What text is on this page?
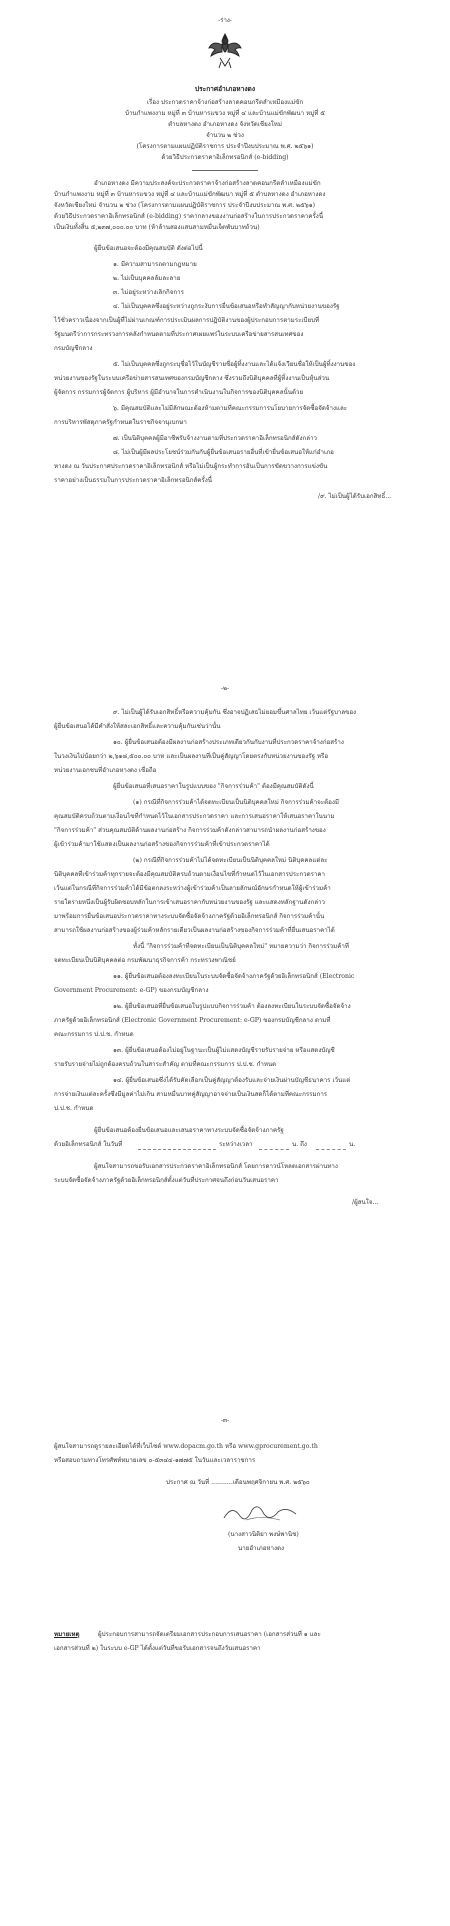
-ร่าง-
ประกาศอำเภอหางดง
เรื่อง ประกวดราคาจ้างก่อสร้างลาดคอนกรีตลำเหมืองแม่ขัก
บ้านกำแพงงาม หมู่ที่ ๓ บ้านหารแขวง หมู่ที่ ๔ และบ้านแม่ขักพัฒนา หมู่ที่ ๕
ตำบลหางดง อำเภอหางดง จังหวัดเชียงใหม่
จำนวน ๒ ช่วง
(โครงการตามแผนปฏิบัติราชการ ประจำปีงบประมาณ พ.ศ. ๒๕๖๑)
ด้วยวิธีประกวดราคาอิเล็กทรอนิกส์ (e-bidding)
อำเภอหางดง มีความประสงค์จะประกวดราคาจ้างก่อสร้างลาดคอนกรีตลำเหมืองแม่ขัก
บ้านกำแพงงาม หมู่ที่ ๓ บ้านหารแขวง หมู่ที่ ๔ และบ้านแม่ขักพัฒนา หมู่ที่ ๕ ตำบลหางดง อำเภอหางดง
จังหวัดเชียงใหม่ จำนวน ๒ ช่วง (โครงการตามแผนปฏิบัติราชการ ประจำปีงบประมาณ พ.ศ. ๒๕๖๑)
ด้วยวิธีประกวดราคาอิเล็กทรอนิกส์ (e-bidding) ราคากลางของงานก่อสร้างในการประกวดราคาครั้งนี้
เป็นเงินทั้งสิ้น ๕,๒๓๗,๐๐๐.๐๐ บาท (ห้าล้านสองแสนสามหมื่นเจ็ดพันบาทถ้วน)
ผู้ยื่นข้อเสนอจะต้องมีคุณสมบัติ ดังต่อไปนี้
๑. มีความสามารถตามกฎหมาย
๒. ไม่เป็นบุคคลล้มละลาย
๓. ไม่อยู่ระหว่างเลิกกิจการ
๔. ไม่เป็นบุคคลซึ่งอยู่ระหว่างถูกระงับการยื่นข้อเสนอหรือทำสัญญากับหน่วยงานของรัฐ
ไว้ชั่วคราวเนื่องจากเป็นผู้ที่ไม่ผ่านเกณฑ์การประเมินผลการปฏิบัติงานของผู้ประกอบการตามระเบียบที่
รัฐมนตรีว่าการกระทรวงการคลังกำหนดตามที่ประกาศเผยแพร่ในระบบเครือข่ายสารสนเทศของ
กรมบัญชีกลาง
๕. ไม่เป็นบุคคลซึ่งถูกระบุชื่อไว้ในบัญชีรายชื่อผู้ทิ้งงานและได้แจ้งเวียนชื่อให้เป็นผู้ทิ้งงานของ
หน่วยงานของรัฐในระบบเครือข่ายสารสนเทศของกรมบัญชีกลาง ซึ่งรวมถึงนิติบุคคลที่ผู้ทิ้งงานเป็นหุ้นส่วน
ผู้จัดการ กรรมการผู้จัดการ ผู้บริหาร ผู้มีอำนาจในการดำเนินงานในกิจการของนิติบุคคลนั้นด้วย
๖. มีคุณสมบัติและไม่มีลักษณะต้องห้ามตามที่คณะกรรมการนโยบายการจัดซื้อจัดจ้างและ
การบริหารพัสดุภาครัฐกำหนดในราชกิจจานุเบกษา
๗. เป็นนิติบุคคลผู้มีอาชีพรับจ้างงานตามที่ประกวดราคาอิเล็กทรอนิกส์ดังกล่าว
๘. ไม่เป็นผู้มีผลประโยชน์ร่วมกันกับผู้ยื่นข้อเสนอรายอื่นที่เข้ายื่นข้อเสนอให้แก่อำเภอ
หางดง ณ วันประกาศประกวดราคาอิเล็กทรอนิกส์ หรือไม่เป็นผู้กระทำการอันเป็นการขัดขวางการแข่งขัน
ราคาอย่างเป็นธรรมในการประกวดราคาอิเล็กทรอนิกส์ครั้งนี้
/๙. ไม่เป็นผู้ได้รับเอกสิทธิ์...
-๒-
๙. ไม่เป็นผู้ได้รับเอกสิทธิ์หรือความคุ้มกัน ซึ่งอาจปฏิเสธไม่ยอมขึ้นศาลไทย เว้นแต่รัฐบาลของ
ผู้ยื่นข้อเสนอได้มีคำสั่งให้สละเอกสิทธิ์และความคุ้มกันเช่นว่านั้น
๑๐. ผู้ยื่นข้อเสนอต้องมีผลงานก่อสร้างประเภทเดียวกันกับงานที่ประกวดราคาจ้างก่อสร้าง
ในวงเงินไม่น้อยกว่า ๒,๖๑๘,๕๐๐.๐๐ บาท และเป็นผลงานที่เป็นคู่สัญญาโดยตรงกับหน่วยงานของรัฐ หรือ
หน่วยงานเอกชนที่อำเภอหางดง เชื่อถือ
ผู้ยื่นข้อเสนอที่เสนอราคาในรูปแบบของ "กิจการร่วมค้า" ต้องมีคุณสมบัติดังนี้
(๑) กรณีที่กิจการร่วมค้าได้จดทะเบียนเป็นนิติบุคคลใหม่ กิจการร่วมค้าจะต้องมี
คุณสมบัติครบถ้วนตามเงื่อนไขที่กำหนดไว้ในเอกสารประกวดราคา และการเสนอราคาให้เสนอราคาในนาม
"กิจการร่วมค้า" ส่วนคุณสมบัติด้านผลงานก่อสร้าง กิจการร่วมค้าดังกล่าวสามารถนำผลงานก่อสร้างของ
ผู้เข้าร่วมค้ามาใช้แสดงเป็นผลงานก่อสร้างของกิจการร่วมค้าที่เข้าประกวดราคาได้
(๒) กรณีที่กิจการร่วมค้าไม่ได้จดทะเบียนเป็นนิติบุคคลใหม่ นิติบุคคลแต่ละ
นิติบุคคลที่เข้าร่วมค้าทุกรายจะต้องมีคุณสมบัติครบถ้วนตามเงื่อนไขที่กำหนดไว้ในเอกสารประกวดราคา
เว้นแต่ในกรณีที่กิจการร่วมค้าได้มีข้อตกลงระหว่างผู้เข้าร่วมค้าเป็นลายลักษณ์อักษรกำหนดให้ผู้เข้าร่วมค้า
รายใดรายหนึ่งเป็นผู้รับผิดชอบหลักในการเข้าเสนอราคากับหน่วยงานของรัฐ และแสดงหลักฐานดังกล่าว
มาพร้อมการยื่นข้อเสนอประกวดราคาทางระบบจัดซื้อจัดจ้างภาครัฐด้วยอิเล็กทรอนิกส์ กิจการร่วมค้านั้น
สามารถใช้ผลงานก่อสร้างของผู้ร่วมค้าหลักรายเดียวเป็นผลงานก่อสร้างของกิจการร่วมค้าที่ยื่นเสนอราคาได้
ทั้งนี้ "กิจการร่วมค้าที่จดทะเบียนเป็นนิติบุคคลใหม่" หมายความว่า กิจการร่วมค้าที่
จดทะเบียนเป็นนิติบุคคลต่อ กรมพัฒนาธุรกิจการค้า กระทรวงพาณิชย์
๑๑. ผู้ยื่นข้อเสนอต้องลงทะเบียนในระบบจัดซื้อจัดจ้างภาครัฐด้วยอิเล็กทรอนิกส์ (Electronic
Government Procurement: e-GP) ของกรมบัญชีกลาง
๑๒. ผู้ยื่นข้อเสนอที่ยื่นข้อเสนอในรูปแบบกิจการร่วมค้า ต้องลงทะเบียนในระบบจัดซื้อจัดจ้าง
ภาครัฐด้วยอิเล็กทรอนิกส์ (Electronic Government Procurement: e-GP) ของกรมบัญชีกลาง ตามที่
คณะกรรมการ ป.ป.ช. กำหนด
๑๓. ผู้ยื่นข้อเสนอต้องไม่อยู่ในฐานะเป็นผู้ไม่แสดงบัญชีรายรับรายจ่าย หรือแสดงบัญชี
รายรับรายจ่ายไม่ถูกต้องครบถ้วนในสาระสำคัญ ตามที่คณะกรรมการ ป.ป.ช. กำหนด
๑๔. ผู้ยื่นข้อเสนอซึ่งได้รับคัดเลือกเป็นคู่สัญญาต้องรับและจ่ายเงินผ่านบัญชีธนาคาร เว้นแต่
การจ่ายเงินแต่ละครั้งซึ่งมีมูลค่าไม่เกิน สามหมื่นบาทคู่สัญญาอาจจ่ายเป็นเงินสดก็ได้ตามที่คณะกรรมการ
ป.ป.ช. กำหนด
ผู้ยื่นข้อเสนอต้องยื่นข้อเสนอและเสนอราคาทางระบบจัดซื้อจัดจ้างภาครัฐ
ด้วยอิเล็กทรอนิกส์ ในวันที่	ระหว่างเวลา	น. ถึง	น.
ผู้สนใจสามารถขอรับเอกสารประกวดราคาอิเล็กทรอนิกส์ โดยการดาวน์โหลดเอกสารผ่านทาง
ระบบจัดซื้อจัดจ้างภาครัฐด้วยอิเล็กทรอนิกส์ตั้งแต่วันที่ประกาศจนถึงก่อนวันเสนอราคา
/ผู้สนใจ...
-๓-
ผู้สนใจสามารถดูรายละเอียดได้ที่เว็บไซต์ www.dopacm.go.th หรือ www.gprocurement.go.th
หรือสอบถามทางโทรศัพท์หมายเลข ๐-๕๓๔๔-๑๗๗๕ ในวันและเวลาราชการ
ประกาศ ณ วันที่ ...........เดือนพฤศจิกายน พ.ศ. ๒๕๖๐
(นางสาวนิติยา พงษ์พานิช)
นายอำเภอหางดง
หมายเหตุ	ผู้ประกอบการสามารถจัดเตรียมเอกสารประกอบการเสนอราคา (เอกสารส่วนที่ ๑ และ
เอกสารส่วนที่ ๒) ในระบบ e-GP ได้ตั้งแต่วันที่ขอรับเอกสารจนถึงวันเสนอราคา
